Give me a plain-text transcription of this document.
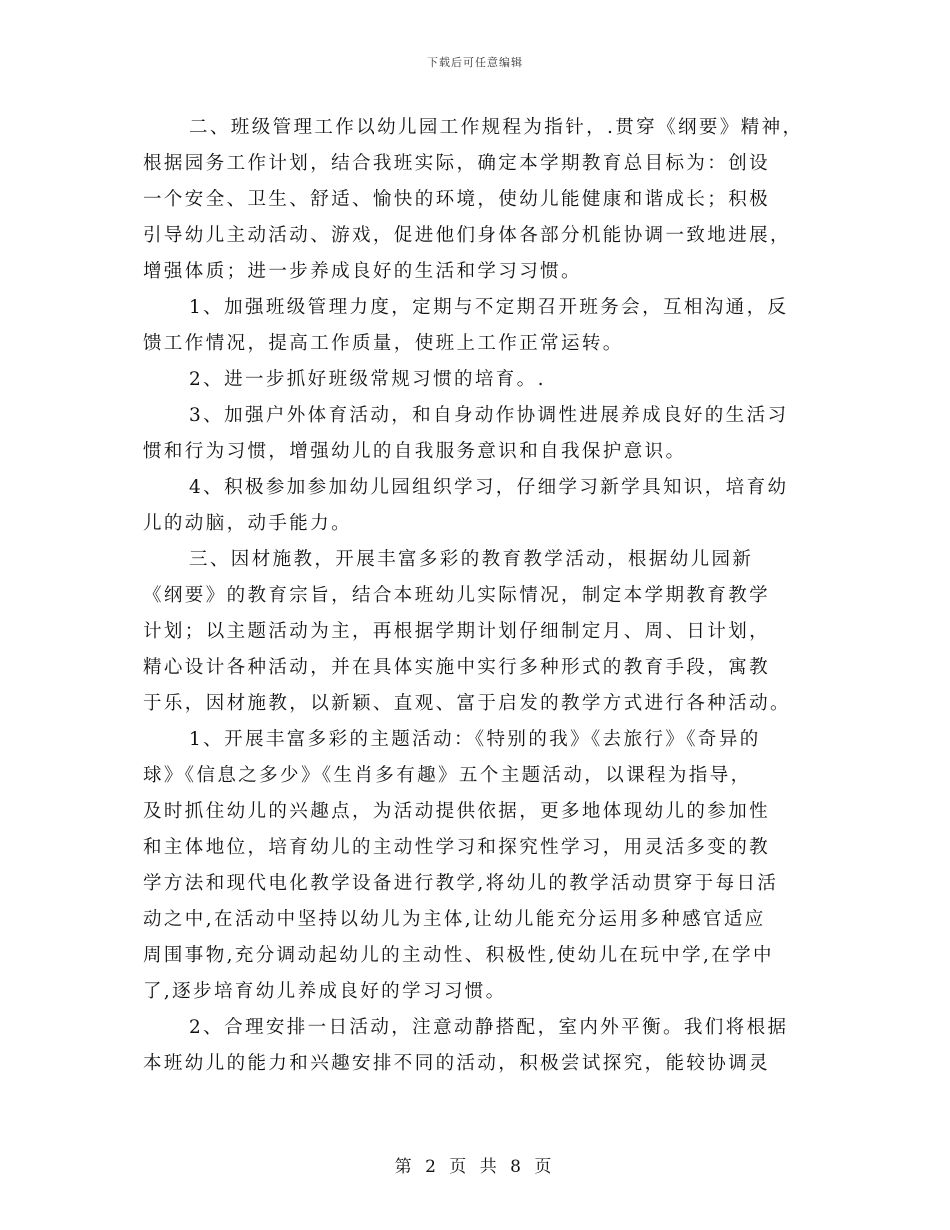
下载后可任意编辑

二、班级管理工作以幼儿园工作规程为指针，.贯穿《纲要》精神，
根据园务工作计划，结合我班实际，确定本学期教育总目标为：创设
一个安全、卫生、舒适、愉快的环境，使幼儿能健康和谐成长；积极
引导幼儿主动活动、游戏，促进他们身体各部分机能协调一致地进展，
增强体质；进一步养成良好的生活和学习习惯。

1、加强班级管理力度，定期与不定期召开班务会，互相沟通，反
馈工作情况，提高工作质量，使班上工作正常运转。

2、进一步抓好班级常规习惯的培育。.

3、加强户外体育活动，和自身动作协调性进展养成良好的生活习
惯和行为习惯，增强幼儿的自我服务意识和自我保护意识。

4、积极参加参加幼儿园组织学习，仔细学习新学具知识，培育幼
儿的动脑，动手能力。

三、因材施教，开展丰富多彩的教育教学活动，根据幼儿园新
《纲要》的教育宗旨，结合本班幼儿实际情况，制定本学期教育教学
计划；以主题活动为主，再根据学期计划仔细制定月、周、日计划，
精心设计各种活动，并在具体实施中实行多种形式的教育手段，寓教
于乐，因材施教，以新颖、直观、富于启发的教学方式进行各种活动。

1、开展丰富多彩的主题活动：《特别的我》《去旅行》《奇异的
球》《信息之多少》《生肖多有趣》五个主题活动，以课程为指导，
及时抓住幼儿的兴趣点，为活动提供依据，更多地体现幼儿的参加性
和主体地位，培育幼儿的主动性学习和探究性学习，用灵活多变的教
学方法和现代电化教学设备进行教学,将幼儿的教学活动贯穿于每日活
动之中,在活动中坚持以幼儿为主体,让幼儿能充分运用多种感官适应
周围事物,充分调动起幼儿的主动性、积极性,使幼儿在玩中学,在学中
了,逐步培育幼儿养成良好的学习习惯。

2、合理安排一日活动，注意动静搭配，室内外平衡。我们将根据
本班幼儿的能力和兴趣安排不同的活动，积极尝试探究，能较协调灵

第 2 页 共 8 页
